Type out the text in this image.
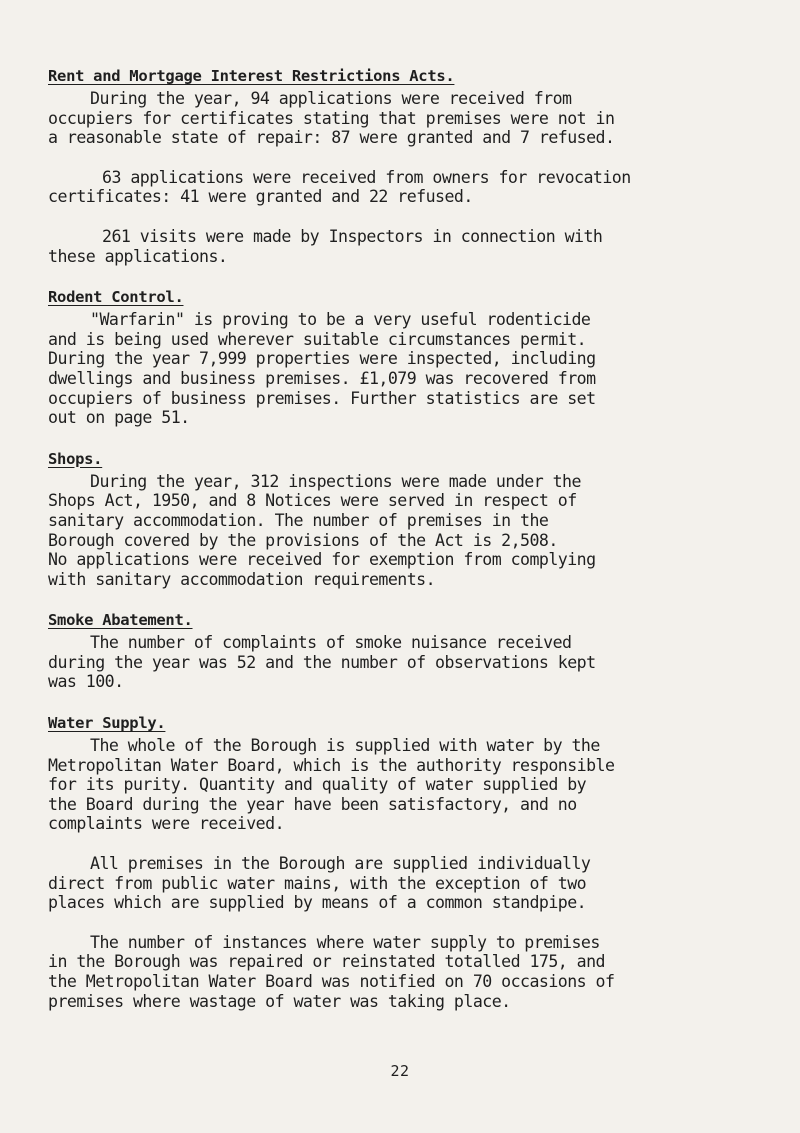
Rent and Mortgage Interest Restrictions Acts.

During the year, 94 applications were received from
occupiers for certificates stating that premises were not in
a reasonable state of repair: 87 were granted and 7 refused.

63 applications were received from owners for revocation
certificates: 41 were granted and 22 refused.

261 visits were made by Inspectors in connection with
these applications.

Rodent Control.

"Warfarin" is proving to be a very useful rodenticide
and is being used wherever suitable circumstances permit.
During the year 7,999 properties were inspected, including
dwellings and business premises. £1,079 was recovered from
occupiers of business premises. Further statistics are set
out on page 51.

Shops.

During the year, 312 inspections were made under the
Shops Act, 1950, and 8 Notices were served in respect of
sanitary accommodation. The number of premises in the
Borough covered by the provisions of the Act is 2,508.
No applications were received for exemption from complying
with sanitary accommodation requirements.

Smoke Abatement.

The number of complaints of smoke nuisance received
during the year was 52 and the number of observations kept
was 100.

Water Supply.

The whole of the Borough is supplied with water by the
Metropolitan Water Board, which is the authority responsible
for its purity. Quantity and quality of water supplied by
the Board during the year have been satisfactory, and no
complaints were received.

All premises in the Borough are supplied individually
direct from public water mains, with the exception of two
places which are supplied by means of a common standpipe.

The number of instances where water supply to premises
in the Borough was repaired or reinstated totalled 175, and
the Metropolitan Water Board was notified on 70 occasions of
premises where wastage of water was taking place.

22
